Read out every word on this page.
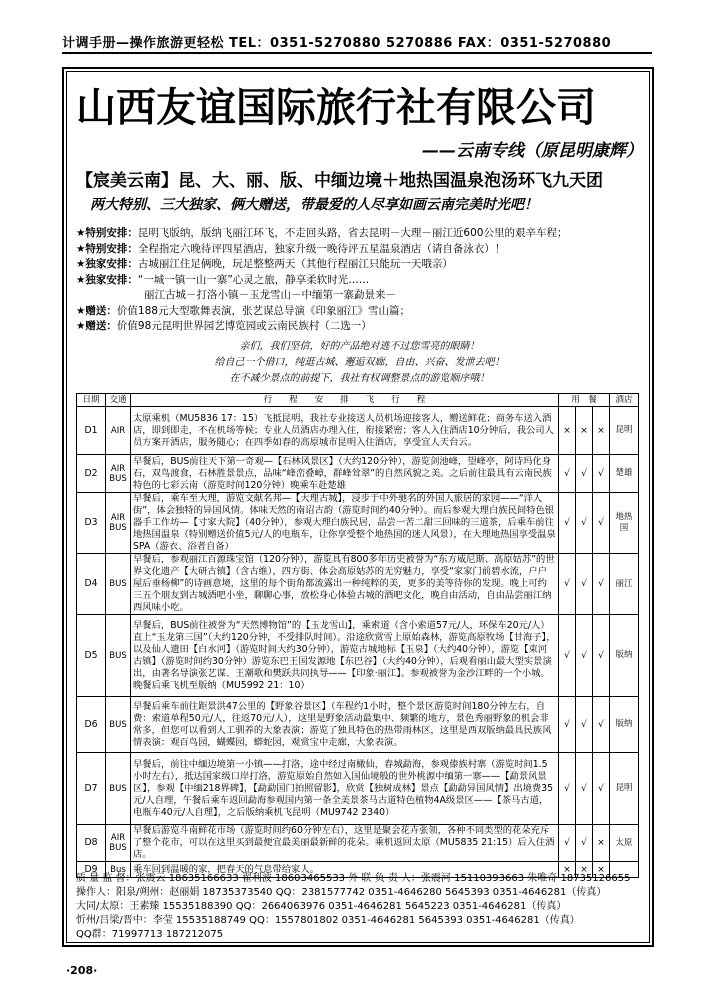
计调手册—操作旅游更轻松 TEL：0351-5270880 5270886 FAX：0351-5270880
山西友谊国际旅行社有限公司
——云南专线（原昆明康辉）
【宸美云南】昆、大、丽、版、中缅边境＋地热国温泉泡汤环飞九天团
两大特别、三大独家、俩大赠送，带最爱的人尽享如画云南完美时光吧！
★特别安排：昆明飞版纳，版纳飞丽江环飞，不走回头路，省去昆明－大理－丽江近600公里的艰辛车程；
★特别安排：全程指定六晚待评四星酒店，独家升级一晚待评五星温泉酒店（请自备泳衣）！
★独家安排：古城丽江住足俩晚，玩足整整两天（其他行程丽江只能玩一天哦亲）
★独家安排：“一城一镇一山一寨”心灵之旅，静享柔软时光……
丽江古城－打洛小镇－玉龙雪山－中缅第一寨勐景来－
★赠送：价值188元大型歌舞表演，张艺谋总导演《印象丽江》雪山篇；
★赠送：价值98元昆明世界园艺博览园或云南民族村（二选一）
亲们，我们坚信，好的产品绝对逃不过您雪亮的眼睛！
给自己一个借口，纯逛古城、邂逅双廊，自由、兴奋、发泄去吧！
在不减少景点的前提下，我社有权调整景点的游览顺序哦！
日期	交通	行　　程　　安　　排　　飞　　行　　程	用　餐			酒店
D1	AIR	太原乘机（MU5836 17：15）飞抵昆明，我社专业接送人员机场迎接客人，赠送鲜花；商务车送入酒店，即到即走，不在机场等候；专业人员酒店办理入住，衔接紧密；客人入住酒店10分钟后，我公司人员方案开酒店，服务随心；在四季如春的高原城市昆明入住酒店，享受宜人天台云。	×	×	×	昆明
D2	AIR BUS	早餐后，BUS前往天下第一奇观—【石林风景区】（大约120分钟），游览剑池峰，望峰亭，阿诗玛化身石，双鸟渡食，石林胜景景点，品味“峰峦叠嶂，群峰耸翠”的自然风貌之美。之后前往最具有云南民族特色的七彩云南（游览时间120分钟）晚乘车赴楚雄	√	√	√	楚雄
D3	AIR BUS	早餐后，乘车至大理，游览文献名邦—【大理古城】，浸步于中外驰名的外国人旅居的家园——“洋人街”，体会独特的异国风情。体味天然的南诏古韵（游览时间约40分钟）。而后参观大理白族民间特色银器手工作坊—【寸家大院】（40分钟），参观大理白族民居，品尝一苦二甜三回味的三道茶，后乘车前往地热国温泉（特别赠送价值5元/人的电瓶车，让你享受整个地热国的迷人风景），在大理地热国享受温泉SPA（游衣、浴者自备）	√	√	√	地热国
D4	BUS	早餐后，参观丽江百源珠宝馆（120分钟），游览具有800多年历史被誉为“东方威尼斯、高原姑苏”的世界文化遗产【大研古镇】（含古维），四方街、体会高原姑苏的无穷魅力，享受“家家门前碧水流，户户屋后垂杨柳”的诗画意境，这里的每个街角都流露出一种纯粹的美，更多的美等待你的发现。晚上可约三五个朋友到古城酒吧小坐，聊聊心事，放松身心体验古城的酒吧文化，晚自由活动，自由品尝丽江纳西风味小吃。	√	√	√	丽江
D5	BUS	早餐后，BUS前往被誉为“天然博物馆”的【玉龙雪山】，乘索道（含小索道57元/人，环保车20元/人）直上“玉龙第三国”（大约120分钟，不受排队时间）。沿途欣赏雪上原始森林，游览高原牧场【甘海子】，以及仙人遗田【白水河】（游览时间大约30分钟），游览古城地标【玉泉】（大约40分钟），游览【束河古镇】（游览时间约30分钟）游览东巴王国发源地【东巴谷】（大约40分钟），后观看丽山最大型实景演出，由著名导演张艺谋、王潮歌和樊跃共同执导——【印象·丽江】。参观被誉为金沙江畔的一个小城。晚餐后乘飞机至版纳（MU5992 21：10）	√	√	√	版纳
D6	BUS	早餐后乘车前往距景洪47公里的【野象谷景区】（车程约1小时，整个景区游览时间180分钟左右，自费：索道单程50元/人，往返70元/人），这里是野象活动最集中、频繁的地方，景色秀丽野象的机会非常多，但您可以看到人工驯养的大象表演；游览了独具特色的热带雨林区，这里是西双版纳最具民族风情表演：观百鸟园，蝴蝶园，蟒蛇园，观赏宝中走廊，大象表演。	√	√	√	版纳
D7	BUS	早餐后，前往中缅边境第一小镇——打洛，途中经过南橄仙，春城勐海，参观傣族村寨（游览时间1.5小时左右），抵达国家级口岸打洛，游览原始自然如入国仙境般的世外桃源中缅第一寨——【勐景风景区】，参观【中缅218界碑】，【勐勐国门拍照留影】，欣赏【独树成林】景点【勐勐异国风情】出境费35元/人自理，午餐后乘车返回勐海参观国内第一条全美景茶马古道特色植物4A级景区——【茶马古道，电瓶车40元/人自理】，之后版纳乘机飞昆明（MU9742 2340）	√	√	√	昆明
D8	AIR BUS	早餐后游览斗南鲜花市场（游览时间约60分钟左右），这里是聚会花卉张领，各种不同类型的花朵充斥了整个花市，可以在这里买到最便宜最美丽最新鲜的花朵。乘机返回太原（MU5835 21:15）后入住酒店。	√	√	×	太原
D9	Bus	乘车回到温暖的家，把春天的气息带给家人。	×	×	×	
质 量 监 督：张震云 18635166633 翟利波 18603465533 外 联 负 责 人：张震河 15110393663 朱唯奇 18735126655
操作人：阳泉/朔州：赵丽娟 18735373540 QQ：2381577742 0351-4646280 5645393 0351-4646281（传真）
大同/太原：王素臻 15535188390 QQ：2664063976 0351-4646281 5645223 0351-4646281（传真）
忻州/吕梁/晋中：李莹 15535188749 QQ：1557801802 0351-4646281 5645393 0351-4646281（传真）
QQ群：71997713 187212075
·208·
